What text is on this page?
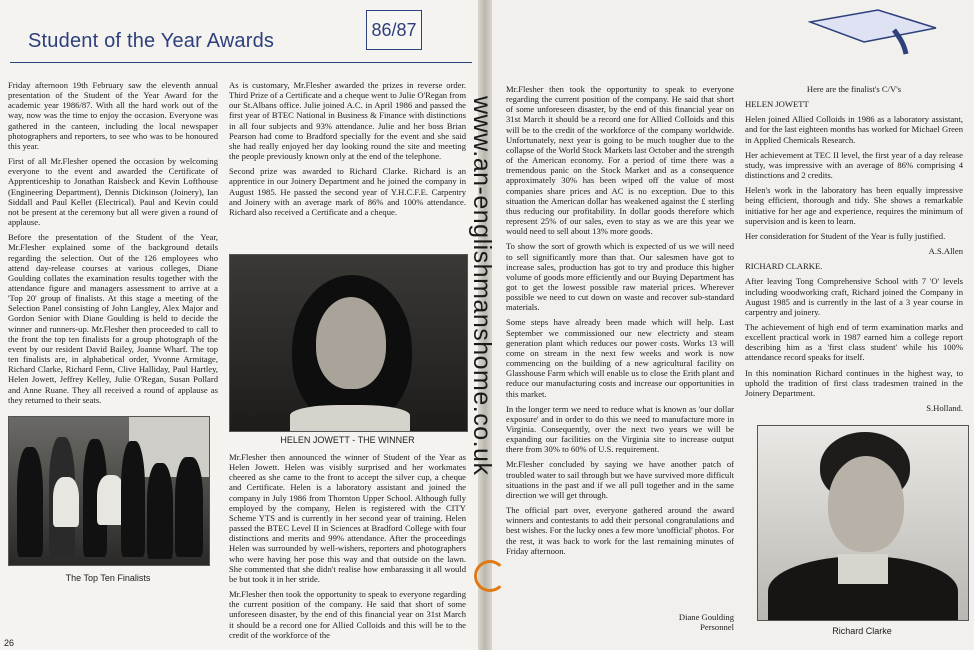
Student of the Year Awards
86/87

Friday afternoon 19th February saw the eleventh annual presentation of the Student of the Year Award for the academic year 1986/87. With all the hard work out of the way, now was the time to enjoy the occasion. Everyone was gathered in the canteen, including the local newspaper photographers and reporters, to see who was to be honoured this year.

First of all Mr.Flesher opened the occasion by welcoming everyone to the event and awarded the Certificate of Apprenticeship to Jonathan Raisbeck and Kevin Lofthouse (Engineering Department), Dennis Dickinson (Joinery), Ian Siddall and Paul Kellet (Electrical). Paul and Kevin could not be present at the ceremony but all were given a round of applause.

Before the presentation of the Student of the Year, Mr.Flesher explained some of the background details regarding the selection. Out of the 126 employees who attend day-release courses at various colleges, Diane Goulding collates the examination results together with the attendance figure and managers assessment to arrive at a 'Top 20' group of finalists. At this stage a meeting of the Selection Panel consisting of John Langley, Alex Major and Gordon Senior with Diane Goulding is held to decide the winner and runners-up. Mr.Flesher then proceeded to call to the front the top ten finalists for a group photograph of the event by our resident David Bailey, Joanne Wharf. The top ten finalists are, in alphabetical order, Yvonne Armitage, Richard Clarke, Richard Fenn, Clive Halliday, Paul Hartley, Helen Jowett, Jeffrey Kelley, Julie O'Regan, Susan Pollard and Anne Ruane. They all received a round of applause as they returned to their seats.

As is customary, Mr.Flesher awarded the prizes in reverse order. Third Prize of a Certificate and a cheque went to Julie O'Regan from our St.Albans office. Julie joined A.C. in April 1986 and passed the first year of BTEC National in Business & Finance with distinctions in all four subjects and 93% attendance. Julie and her boss Brian Pearson had come to Bradford specially for the event and she said she had really enjoyed her day looking round the site and meeting the people previously known only at the end of the telephone.

Second prize was awarded to Richard Clarke. Richard is an apprentice in our Joinery Department and he joined the company in August 1985. He passed the second year of Y.H.C.F.E. Carpentry and Joinery with an average mark of 86% and 100% attendance. Richard also received a Certificate and a cheque.

HELEN JOWETT - THE WINNER

Mr.Flesher then announced the winner of Student of the Year as Helen Jowett. Helen was visibly surprised and her workmates cheered as she came to the front to accept the silver cup, a cheque and Certificate. Helen is a laboratory assistant and joined the company in July 1986 from Thornton Upper School. Although fully employed by the company, Helen is registered with the CITY Scheme YTS and is currently in her second year of training. Helen passed the BTEC Level II in Sciences at Bradford College with four distinctions and merits and 99% attendance. After the proceedings Helen was surrounded by well-wishers, reporters and photographers who were having her pose this way and that outside on the lawn. She commented that she didn't realise how embarassing it all would be but took it in her stride.

Mr.Flesher then took the opportunity to speak to everyone regarding the current position of the company. He said that short of some unforeseen disaster, by the end of this financial year on 31st March it should be a record one for Allied Colloids and this will be to the credit of the workforce of the

The Top Ten Finalists
26

Mr.Flesher then took the opportunity to speak to everyone regarding the current position of the company. He said that short of some unforeseen disaster, by the end of this financial year on 31st March it should be a record one for Allied Colloids and this will be to the credit of the workforce of the company worldwide. Unfortunately, next year is going to be much tougher due to the collapse of the World Stock Markets last October and the strength of the American economy. For a period of time there was a tremendous panic on the Stock Market and as a consequence approximately 30% has been wiped off the value of most companies share prices and AC is no exception. Due to this situation the American dollar has weakened against the £ sterling thus reducing our profitability. In dollar goods therefore which represent 25% of our sales, even to stay as we are this year we would need to sell about 13% more goods.

To show the sort of growth which is expected of us we will need to sell significantly more than that. Our salesmen have got to increase sales, production has got to try and produce this higher volume of goods more efficiently and our Buying Department has got to get the lowest possible raw material prices. Wherever possible we need to cut down on waste and recover sub-standard materials.

Some steps have already been made which will help. Last September we commissioned our new electricty and steam generation plant which reduces our power costs. Works 13 will come on stream in the next few weeks and work is now commencing on the building of a new agricultural facility on Glasshouse Farm which will enable us to close the Erith plant and reduce our manufacturing costs and increase our opportunities in this market.

In the longer term we need to reduce what is known as 'our dollar exposure' and in order to do this we need to manufacture more in Virginia. Consequently, over the next two years we will be expanding our facilities on the Virginia site to increase output there from 30% to 60% of U.S. requirement.

Mr.Flesher concluded by saying we have another patch of troubled water to sail through but we have survived more difficult situations in the past and if we all pull together and in the same direction we will get through.

The official part over, everyone gathered around the award winners and contestants to add their personal congratulations and best wishes. For the lucky ones a few more 'unofficial' photos. For the rest, it was back to work for the last remaining minutes of Friday afternoon.

Diane Goulding
Personnel

Here are the finalist's C/V's

HELEN JOWETT

Helen joined Allied Colloids in 1986 as a laboratory assistant, and for the last eighteen months has worked for Michael Green in Applied Chemicals Research.

Her achievement at TEC II level, the first year of a day release study, was impressive with an average of 86% comprising 4 distinctions and 2 credits.

Helen's work in the laboratory has been equally impressive being efficient, thorough and tidy. She shows a remarkable initiative for her age and experience, requires the minimum of supervision and is keen to learn.

Her consideration for Student of the Year is fully justified.

A.S.Allen

RICHARD CLARKE.

After leaving Tong Comprehensive School with 7 'O' levels including woodworking craft, Richard joined the Company in August 1985 and is currently in the last of a 3 year course in carpentry and joinery.

The achievement of high end of term examination marks and excellent practical work in 1987 earned him a college report describing him as a 'first class student' while his 100% attendance record speaks for itself.

In this nomination Richard continues in the highest way, to uphold the tradition of first class tradesmen trained in the Joinery Department.

S.Holland.

Richard Clarke
www.an-englishmanshome.co.uk
